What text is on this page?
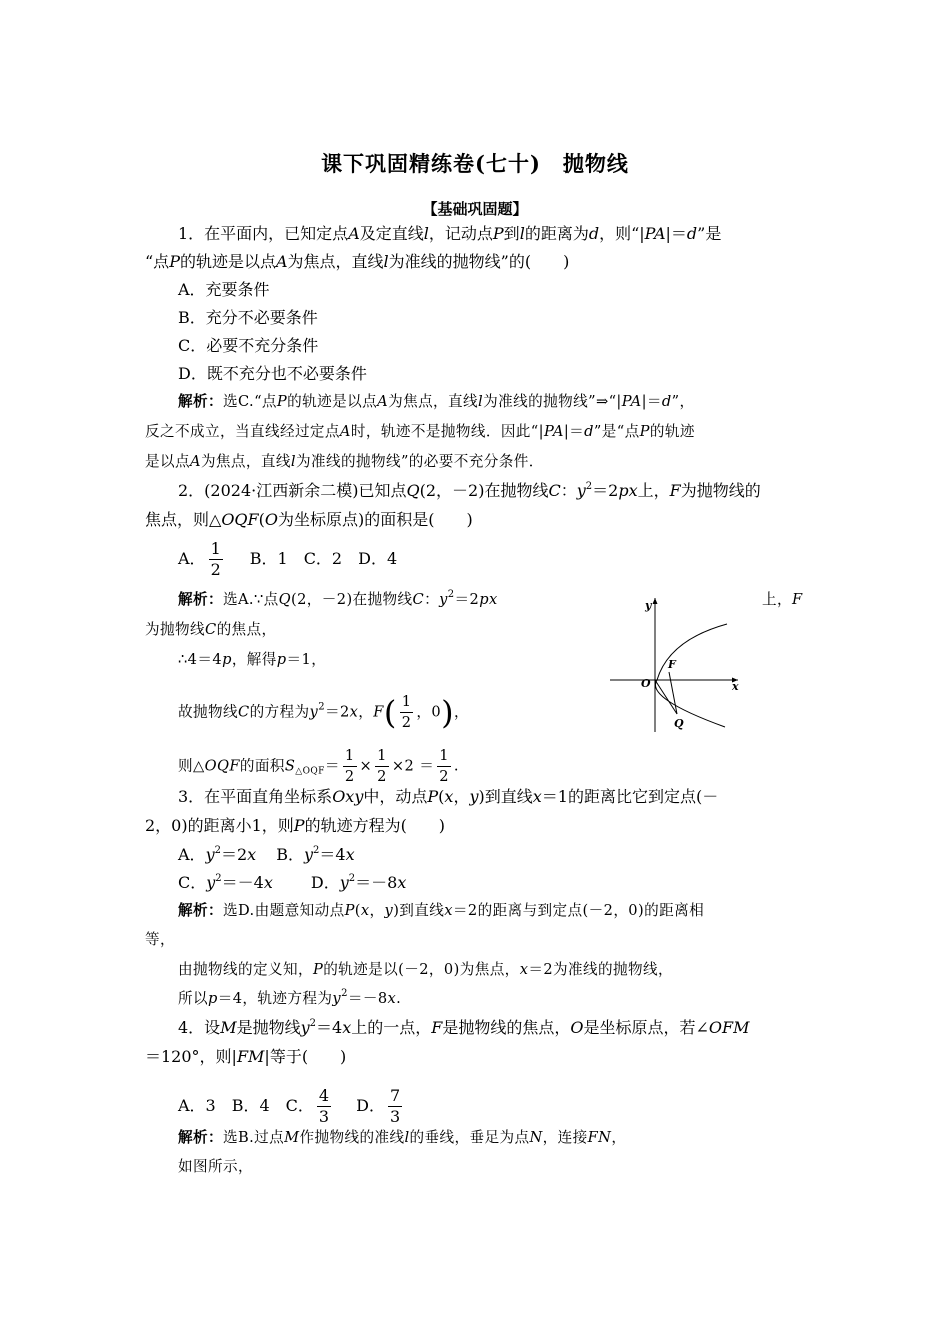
课下巩固精练卷(七十)　抛物线
【基础巩固题】
1．在平面内，已知定点A及定直线l，记动点P到l的距离为d，则“|PA|＝d”是
“点P的轨迹是以点A为焦点，直线l为准线的抛物线”的(　　)
A．充要条件
B．充分不必要条件
C．必要不充分条件
D．既不充分也不必要条件
解析：选C.“点P的轨迹是以点A为焦点，直线l为准线的抛物线”⇒“|PA|＝d”，
反之不成立，当直线经过定点A时，轨迹不是抛物线．因此“|PA|＝d”是“点P的轨迹
是以点A为焦点，直线l为准线的抛物线”的必要不充分条件．
2．(2024·江西新余二模)已知点Q(2，－2)在抛物线C：$y^2=2px$上，F为抛物线的
焦点，则△OQF(O为坐标原点)的面积是(　　)
A． $\frac{1}{2}$ B．1　C．2　D．4
解析：选A.∵点Q(2，－2)在抛物线C：$y^2=2px$	上，F
为抛物线C的焦点，
∴4＝4p，解得p＝1，
故抛物线C的方程为$y^2=2x$，$F( \frac{1}{2}$ ，0)，
则△OQF的面积$S_{\triangle OQF}= \frac{1}{2} \times \frac{1}{2} \times 2 = \frac{1}{2}$ .
y
x
O
F
Q
3．在平面直角坐标系Oxy中，动点P(x，y)到直线x＝1的距离比它到定点(－
2，0)的距离小1，则P的轨迹方程为(　　)
A．$y^2=2x$ B．$y^2=4x$
C．$y^2=-4x$ D．$y^2=-8x$
解析：选D.由题意知动点P(x，y)到直线x＝2的距离与到定点(－2，0)的距离相
等，
由抛物线的定义知，P的轨迹是以(－2，0)为焦点，x＝2为准线的抛物线，
所以p＝4，轨迹方程为$y^2=-8x$.
4．设M是抛物线$y^2=4x$上的一点，F是抛物线的焦点，O是坐标原点，若∠OFM
＝120°，则|FM|等于(　　)
A．3　B．4　C． $\frac{4}{3}$ D． $\frac{7}{3}$
解析：选B.过点M作抛物线的准线l的垂线，垂足为点N，连接FN，
如图所示，
